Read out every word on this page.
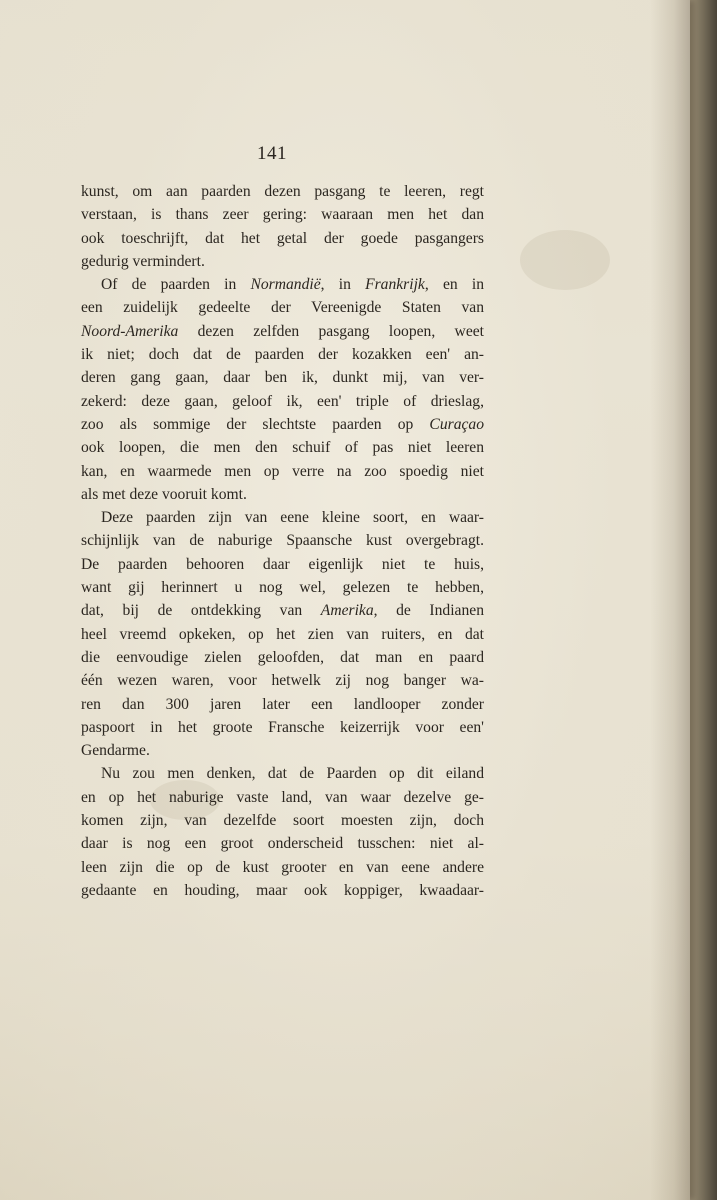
141
kunst, om aan paarden dezen pasgang te leeren, regt
verstaan, is thans zeer gering: waaraan men het dan
ook toeschrijft, dat het getal der goede pasgangers
gedurig vermindert.
Of de paarden in Normandië, in Frankrijk, en in
een zuidelijk gedeelte der Vereenigde Staten van
Noord-Amerika dezen zelfden pasgang loopen, weet
ik niet; doch dat de paarden der kozakken een' an-
deren gang gaan, daar ben ik, dunkt mij, van ver-
zekerd: deze gaan, geloof ik, een' triple of drieslag,
zoo als sommige der slechtste paarden op Curaçao
ook loopen, die men den schuif of pas niet leeren
kan, en waarmede men op verre na zoo spoedig niet
als met deze vooruit komt.
Deze paarden zijn van eene kleine soort, en waar-
schijnlijk van de naburige Spaansche kust overgebragt.
De paarden behooren daar eigenlijk niet te huis,
want gij herinnert u nog wel, gelezen te hebben,
dat, bij de ontdekking van Amerika, de Indianen
heel vreemd opkeken, op het zien van ruiters, en dat
die eenvoudige zielen geloofden, dat man en paard
één wezen waren, voor hetwelk zij nog banger wa-
ren dan 300 jaren later een landlooper zonder
paspoort in het groote Fransche keizerrijk voor een'
Gendarme.
Nu zou men denken, dat de Paarden op dit eiland
en op het naburige vaste land, van waar dezelve ge-
komen zijn, van dezelfde soort moesten zijn, doch
daar is nog een groot onderscheid tusschen: niet al-
leen zijn die op de kust grooter en van eene andere
gedaante en houding, maar ook koppiger, kwaadaar-
